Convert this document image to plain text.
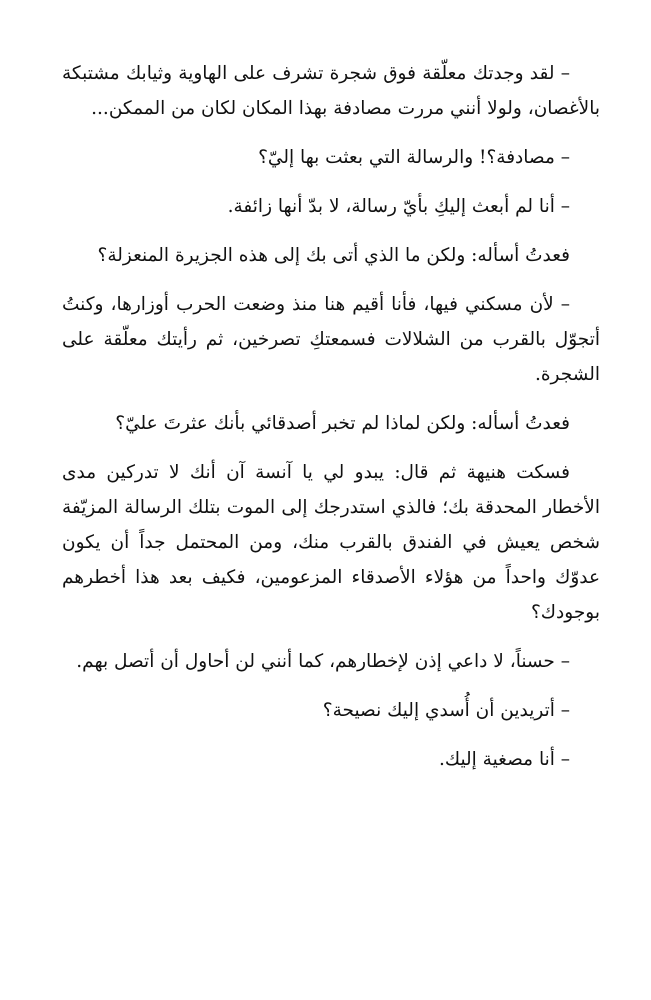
– لقد وجدتك معلّقة فوق شجرة تشرف على الهاوية وثيابك مشتبكة بالأغصان، ولولا أنني مررت مصادفة بهذا المكان لكان من الممكن...

– مصادفة؟! والرسالة التي بعثت بها إليّ؟

– أنا لم أبعث إليكِ بأيّ رسالة، لا بدّ أنها زائفة.

فعدتُ أسأله: ولكن ما الذي أتى بك إلى هذه الجزيرة المنعزلة؟

– لأن مسكني فيها، فأنا أقيم هنا منذ وضعت الحرب أوزارها، وكنتُ أتجوّل بالقرب من الشلالات فسمعتكِ تصرخين، ثم رأيتك معلّقة على الشجرة.

فعدتُ أسأله: ولكن لماذا لم تخبر أصدقائي بأنك عثرتَ عليّ؟

فسكت هنيهة ثم قال: يبدو لي يا آنسة آن أنك لا تدركين مدى الأخطار المحدقة بك؛ فالذي استدرجك إلى الموت بتلك الرسالة المزيّفة شخص يعيش في الفندق بالقرب منك، ومن المحتمل جداً أن يكون عدوّك واحداً من هؤلاء الأصدقاء المزعومين، فكيف بعد هذا أخطرهم بوجودك؟

– حسناً، لا داعي إذن لإخطارهم، كما أنني لن أحاول أن أتصل بهم.

– أتريدين أن أُسدي إليك نصيحة؟

– أنا مصغية إليك.
